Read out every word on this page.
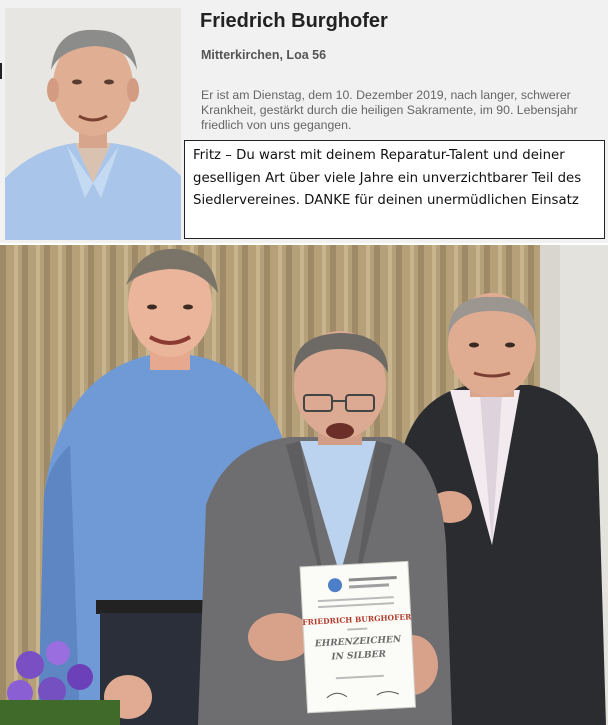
Friedrich Burghofer
Mitterkirchen, Loa 56
Er ist am Dienstag, dem 10. Dezember 2019, nach langer, schwerer Krankheit, gestärkt durch die heiligen Sakramente, im 90. Lebensjahr friedlich von uns gegangen.
Fritz – Du warst mit deinem Reparatur-Talent und deiner geselligen Art über viele Jahre ein unverzichtbarer Teil des Siedlervereines. DANKE für deinen unermüdlichen Einsatz
FRIEDRICH BURGHOFER
EHRENZEICHEN
IN SILBER
